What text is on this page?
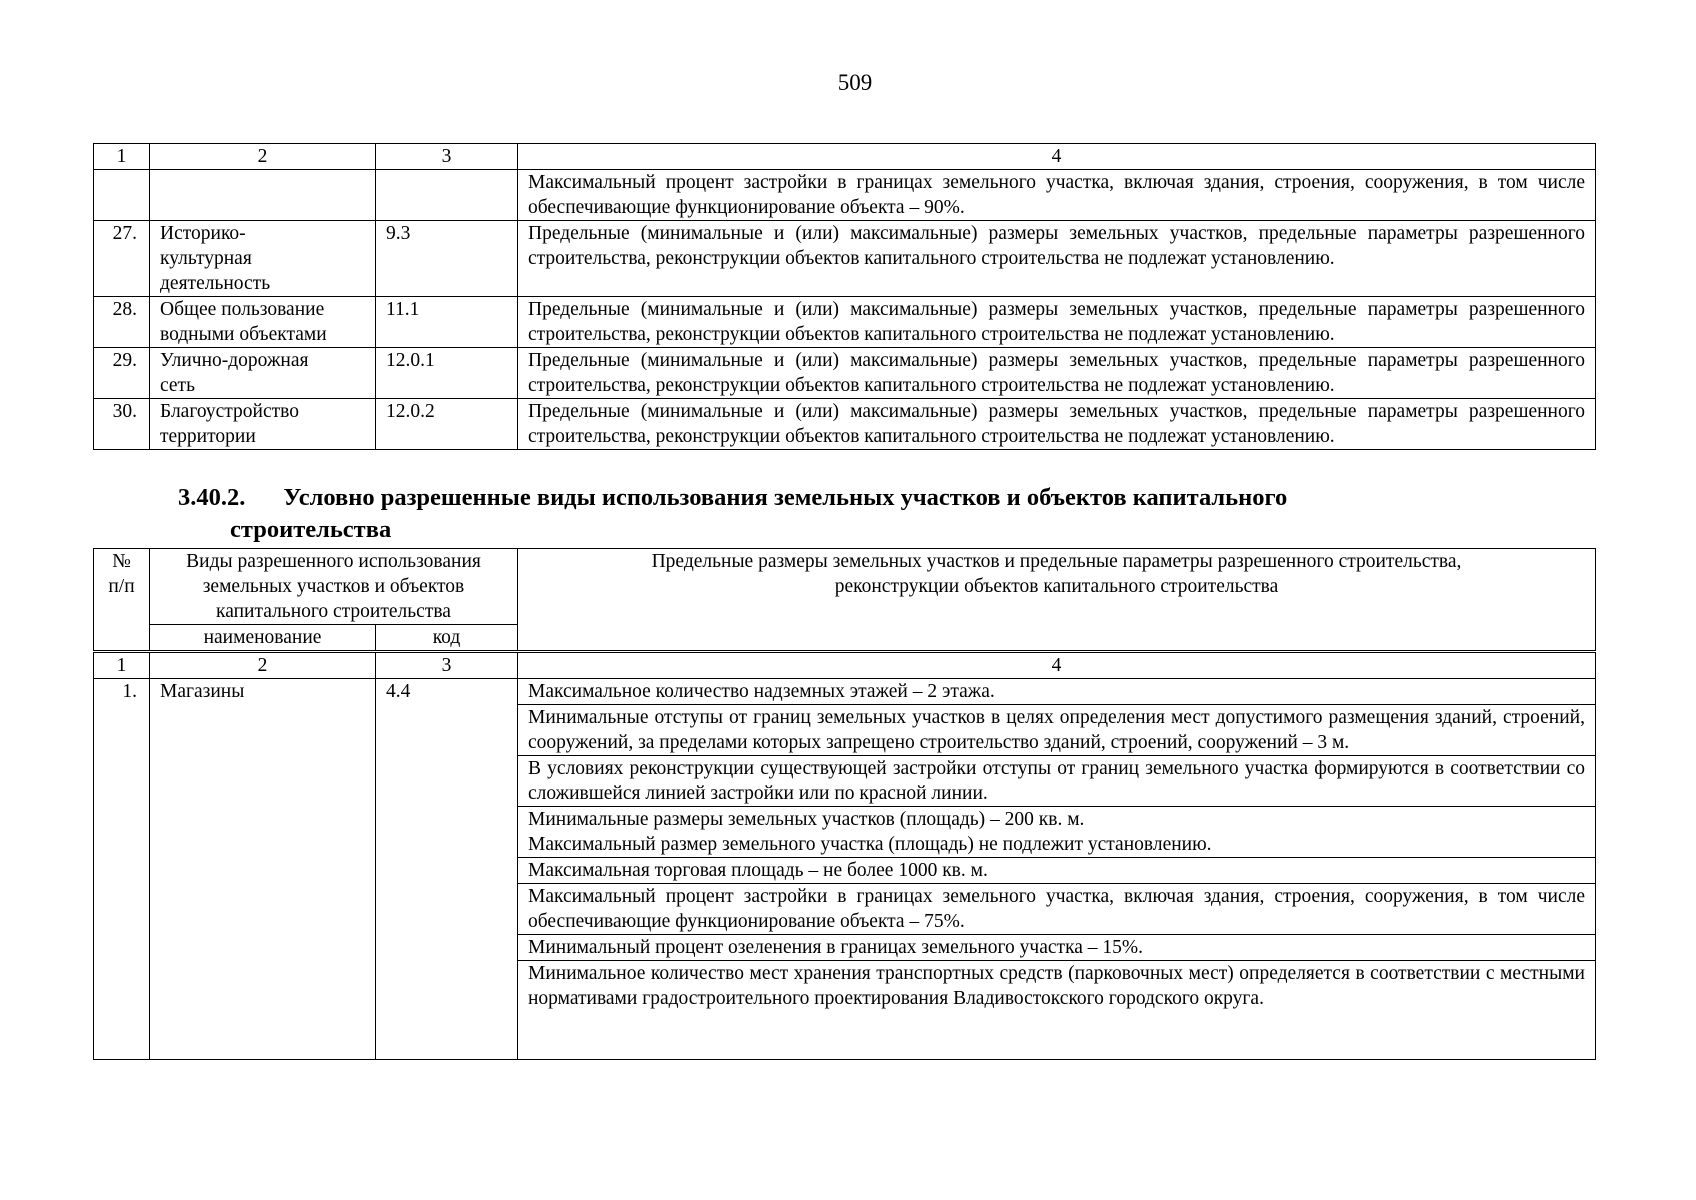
509
1	2	3	4
			Максимальный процент застройки в границах земельного участка, включая здания, строения, сооружения, в том числе обеспечивающие функционирование объекта – 90%.
27.	Историко-
культурная
деятельность	9.3	Предельные (минимальные и (или) максимальные) размеры земельных участков, предельные параметры разрешенного строительства, реконструкции объектов капитального строительства не подлежат установлению.
28.	Общее пользование
водными объектами	11.1	Предельные (минимальные и (или) максимальные) размеры земельных участков, предельные параметры разрешенного строительства, реконструкции объектов капитального строительства не подлежат установлению.
29.	Улично-дорожная
сеть	12.0.1	Предельные (минимальные и (или) максимальные) размеры земельных участков, предельные параметры разрешенного строительства, реконструкции объектов капитального строительства не подлежат установлению.
30.	Благоустройство
территории	12.0.2	Предельные (минимальные и (или) максимальные) размеры земельных участков, предельные параметры разрешенного строительства, реконструкции объектов капитального строительства не подлежат установлению.
3.40.2. Условно разрешенные виды использования земельных участков и объектов капитального
строительства
№
п/п	Виды разрешенного использования
земельных участков и объектов
капитального строительства		Предельные размеры земельных участков и предельные параметры разрешенного строительства,
реконструкции объектов капитального строительства
	наименование	код	
1	2	3	4
1.	Магазины	4.4	Максимальное количество надземных этажей – 2 этажа.
			Минимальные отступы от границ земельных участков в целях определения мест допустимого размещения зданий, строений, сооружений, за пределами которых запрещено строительство зданий, строений, сооружений – 3 м.
			В условиях реконструкции существующей застройки отступы от границ земельного участка формируются в соответствии со сложившейся линией застройки или по красной линии.
			Минимальные размеры земельных участков (площадь) – 200 кв. м.
Максимальный размер земельного участка (площадь) не подлежит установлению.
			Максимальная торговая площадь – не более 1000 кв. м.
			Максимальный процент застройки в границах земельного участка, включая здания, строения, сооружения, в том числе обеспечивающие функционирование объекта – 75%.
			Минимальный процент озеленения в границах земельного участка – 15%.
			Минимальное количество мест хранения транспортных средств (парковочных мест) определяется в соответствии с местными нормативами градостроительного проектирования Владивостокского городского округа.
